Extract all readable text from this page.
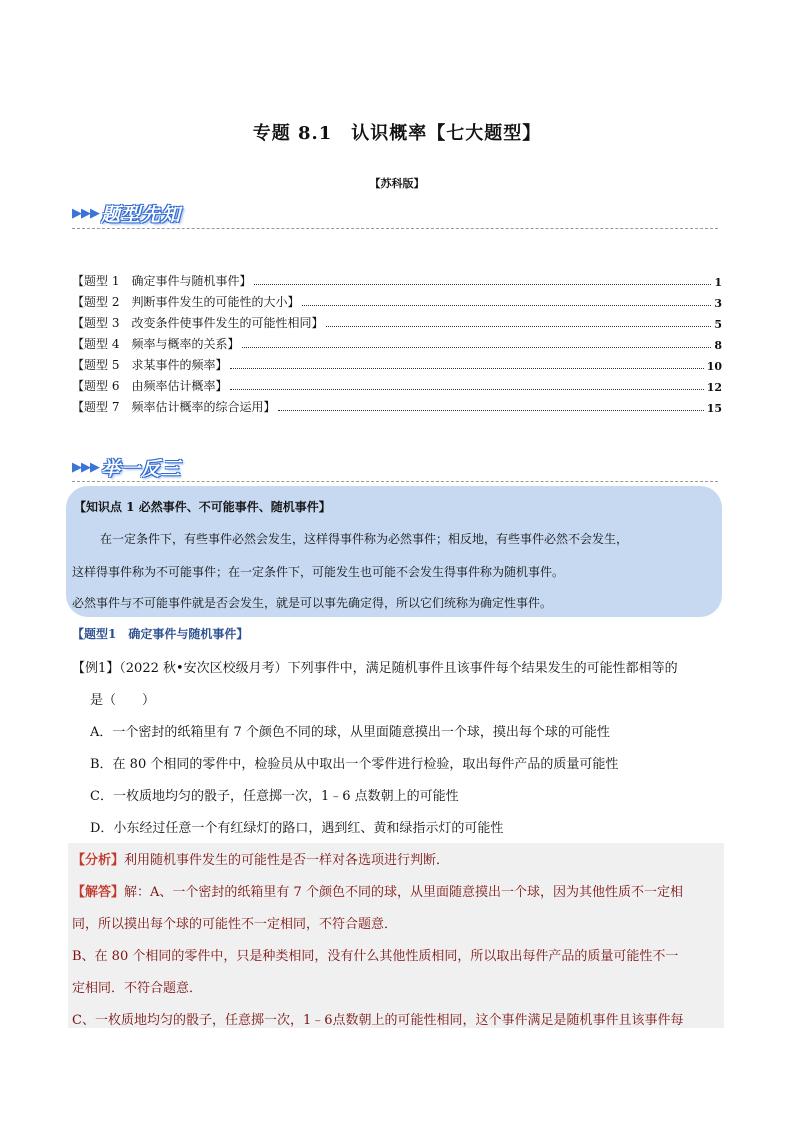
专题 8.1　认识概率【七大题型】
【苏科版】
▶▶▶ 题型先知
【题型 1　确定事件与随机事件】	1
【题型 2　判断事件发生的可能性的大小】	3
【题型 3　改变条件使事件发生的可能性相同】	5
【题型 4　频率与概率的关系】	8
【题型 5　求某事件的频率】	10
【题型 6　由频率估计概率】	12
【题型 7　频率估计概率的综合运用】	15
▶▶▶ 举一反三
【知识点 1 必然事件、不可能事件、随机事件】
在一定条件下，有些事件必然会发生，这样得事件称为必然事件；相反地，有些事件必然不会发生，
这样得事件称为不可能事件；在一定条件下，可能发生也可能不会发生得事件称为随机事件。
必然事件与不可能事件就是否会发生，就是可以事先确定得，所以它们统称为确定性事件。
【题型1　确定事件与随机事件】
【例1】（2022 秋•安次区校级月考）下列事件中，满足随机事件且该事件每个结果发生的可能性都相等的
是（　　）
A．一个密封的纸箱里有 7 个颜色不同的球，从里面随意摸出一个球，摸出每个球的可能性
B．在 80 个相同的零件中，检验员从中取出一个零件进行检验，取出每件产品的质量可能性
C．一枚质地均匀的骰子，任意掷一次，1﹣6 点数朝上的可能性
D．小东经过任意一个有红绿灯的路口，遇到红、黄和绿指示灯的可能性
【分析】利用随机事件发生的可能性是否一样对各选项进行判断．
【解答】解：A、一个密封的纸箱里有 7 个颜色不同的球，从里面随意摸出一个球，因为其他性质不一定相
同，所以摸出每个球的可能性不一定相同，不符合题意．
B、在 80 个相同的零件中，只是种类相同，没有什么其他性质相同，所以取出每件产品的质量可能性不一
定相同．不符合题意．
C、一枚质地均匀的骰子，任意掷一次，1﹣6点数朝上的可能性相同，这个事件满足是随机事件且该事件每
